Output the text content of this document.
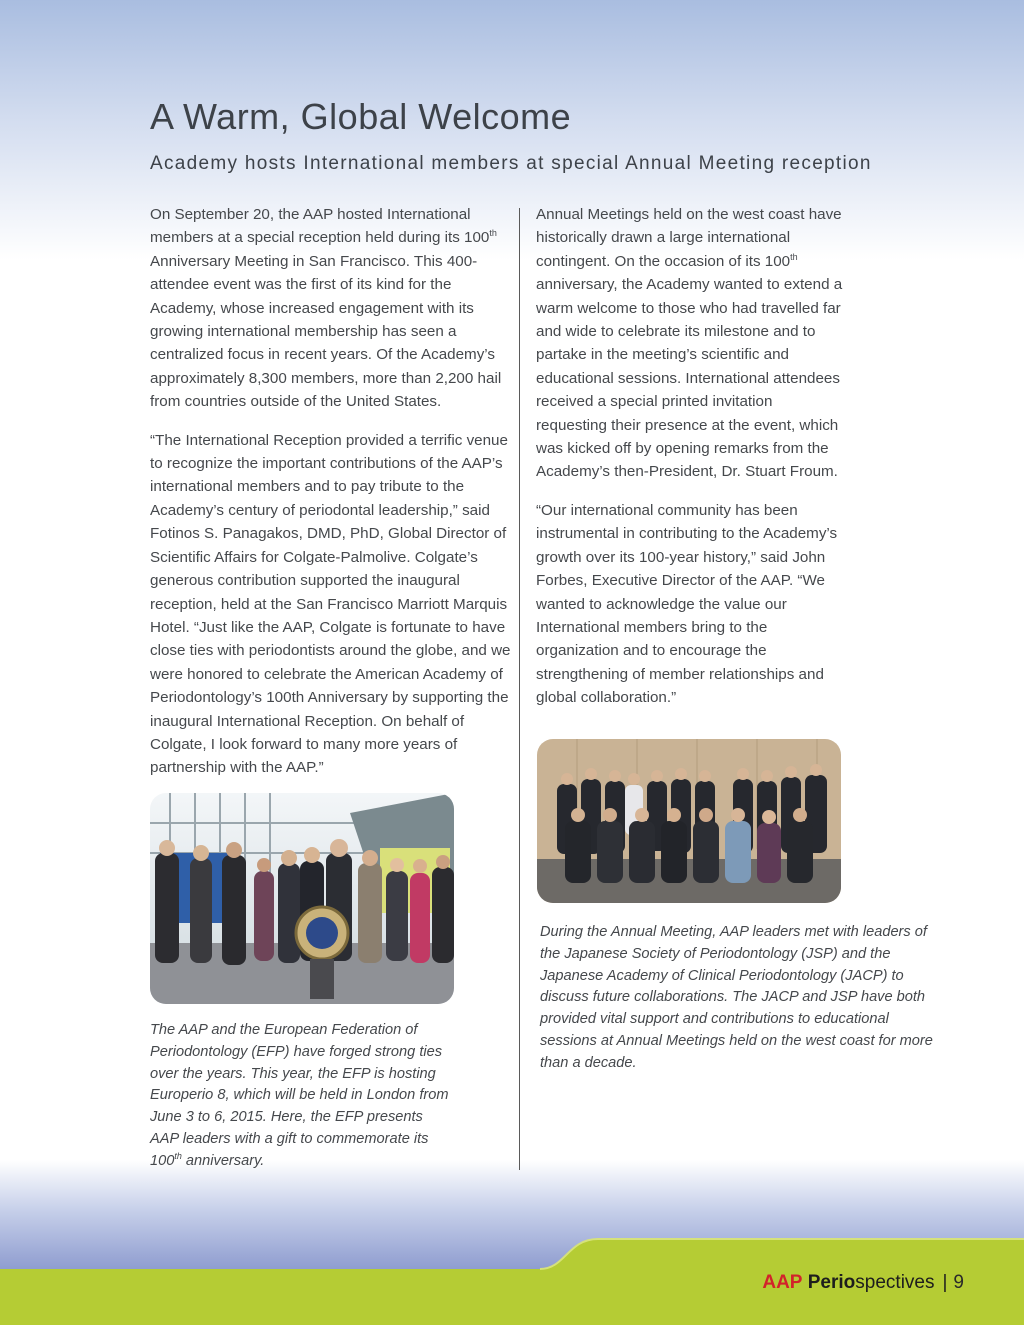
A Warm, Global Welcome
Academy hosts International members at special Annual Meeting reception

On September 20, the AAP hosted International members at a special reception held during its 100th Anniversary Meeting in San Francisco. This 400-attendee event was the first of its kind for the Academy, whose increased engagement with its growing international membership has seen a centralized focus in recent years. Of the Academy’s approximately 8,300 members, more than 2,200 hail from countries outside of the United States.

“The International Reception provided a terrific venue to recognize the important contributions of the AAP’s international members and to pay tribute to the Academy’s century of periodontal leadership,” said Fotinos S. Panagakos, DMD, PhD, Global Director of Scientific Affairs for Colgate-Palmolive. Colgate’s generous contribution supported the inaugural reception, held at the San Francisco Marriott Marquis Hotel. “Just like the AAP, Colgate is fortunate to have close ties with periodontists around the globe, and we were honored to celebrate the American Academy of Periodontology’s 100th Anniversary by supporting the inaugural International Reception. On behalf of Colgate, I look forward to many more years of partnership with the AAP.”

Annual Meetings held on the west coast have historically drawn a large international contingent. On the occasion of its 100th anniversary, the Academy wanted to extend a warm welcome to those who had travelled far and wide to celebrate its milestone and to partake in the meeting’s scientific and educational sessions. International attendees received a special printed invitation requesting their presence at the event, which was kicked off by opening remarks from the Academy’s then-President, Dr. Stuart Froum.

“Our international community has been instrumental in contributing to the Academy’s growth over its 100-year history,” said John Forbes, Executive Director of the AAP. “We wanted to acknowledge the value our International members bring to the organization and to encourage the strengthening of member relationships and global collaboration.”

The AAP and the European Federation of Periodontology (EFP) have forged strong ties over the years. This year, the EFP is hosting Europerio 8, which will be held in London from June 3 to 6, 2015. Here, the EFP presents AAP leaders with a gift to commemorate its 100th anniversary.

During the Annual Meeting, AAP leaders met with leaders of the Japanese Society of Periodontology (JSP) and the Japanese Academy of Clinical Periodontology (JACP) to discuss future collaborations. The JACP and JSP have both provided vital support and contributions to educational sessions at Annual Meetings held on the west coast for more than a decade.

AAP Periospectives | 9
